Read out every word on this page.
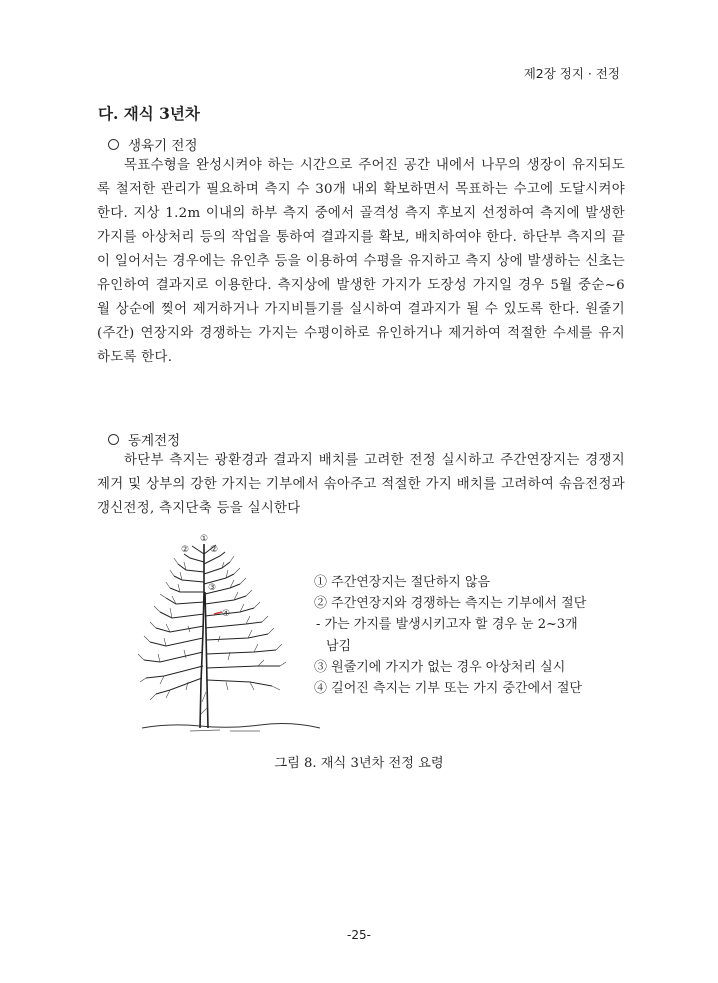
제2장 정지 · 전정
다. 재식 3년차
생육기 전정
목표수형을 완성시켜야 하는 시간으로 주어진 공간 내에서 나무의 생장이 유지되도록 철저한 관리가 필요하며 측지 수 30개 내외 확보하면서 목표하는 수고에 도달시켜야 한다. 지상 1.2m 이내의 하부 측지 중에서 골격성 측지 후보지 선정하여 측지에 발생한 가지를 아상처리 등의 작업을 통하여 결과지를 확보, 배치하여야 한다. 하단부 측지의 끝이 일어서는 경우에는 유인추 등을 이용하여 수평을 유지하고 측지 상에 발생하는 신초는 유인하여 결과지로 이용한다. 측지상에 발생한 가지가 도장성 가지일 경우 5월 중순~6월 상순에 찢어 제거하거나 가지비틀기를 실시하여 결과지가 될 수 있도록 한다. 원줄기(주간) 연장지와 경쟁하는 가지는 수평이하로 유인하거나 제거하여 적절한 수세를 유지하도록 한다.
동계전정
하단부 측지는 광환경과 결과지 배치를 고려한 전정 실시하고 주간연장지는 경쟁지 제거 및 상부의 강한 가지는 기부에서 솎아주고 적절한 가지 배치를 고려하여 솎음전정과 갱신전정, 측지단축 등을 실시한다
①
② ②
③
④
① 주간연장지는 절단하지 않음
② 주간연장지와 경쟁하는 측지는 기부에서 절단
- 가는 가지를 발생시키고자 할 경우 눈 2~3개
남김
③ 원줄기에 가지가 없는 경우 아상처리 실시
④ 길어진 측지는 기부 또는 가지 중간에서 절단
그림 8. 재식 3년차 전정 요령
-25-
